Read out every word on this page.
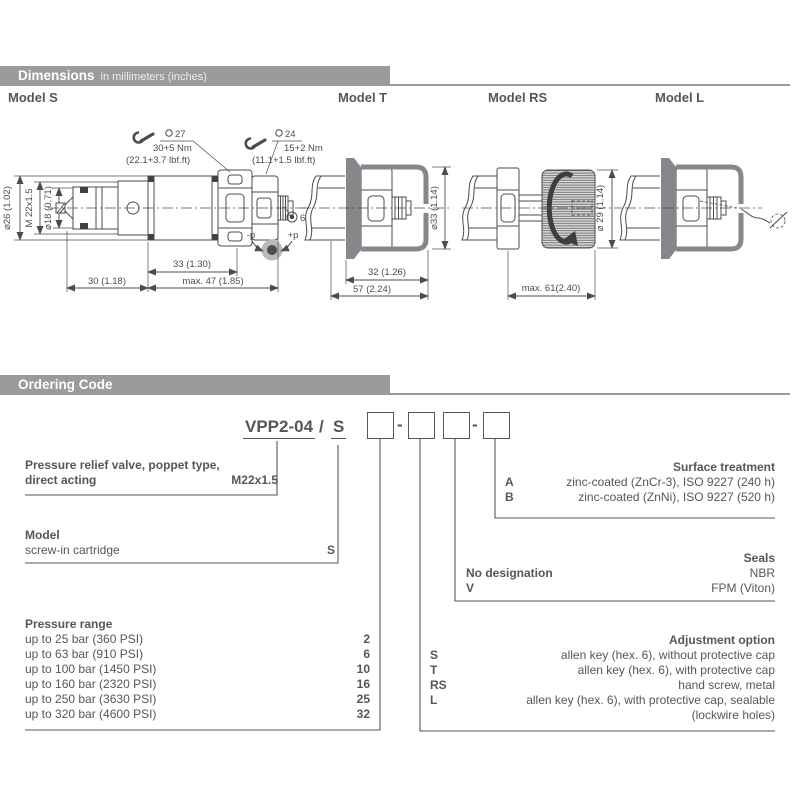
Dimensions in millimeters (inches)
Model S	Model T	Model RS	Model L
⌀26 (1.02) M 22x1.5 ⌀18 (0.71)
27
30+5 Nm
(22.1+3.7 lbf.ft)
24
15+2 Nm
(11.1+1.5 lbf.ft)
6
-p	+p
33 (1.30)
30 (1.18)	max. 47 (1.85)
⌀33 (1.14)
32 (1.26)
57 (2.24)
⌀ 29 (1.14)
max. 61(2.40)
Ordering Code
VPP2-04 / S	-	-
Pressure relief valve, poppet type,
direct acting	M22x1.5
Model
screw-in cartridge	S
Pressure range
up to 25 bar (360 PSI)	2
up to 63 bar (910 PSI)	6
up to 100 bar (1450 PSI)	10
up to 160 bar (2320 PSI)	16
up to 250 bar (3630 PSI)	25
up to 320 bar (4600 PSI)	32
Surface treatment
A	zinc-coated (ZnCr-3), ISO 9227 (240 h)
B	zinc-coated (ZnNi), ISO 9227 (520 h)
Seals
No designation	NBR
V	FPM (Viton)
Adjustment option
S	allen key (hex. 6), without protective cap
T	allen key (hex. 6), with protective cap
RS	hand screw, metal
L	allen key (hex. 6), with protective cap, sealable
(lockwire holes)
